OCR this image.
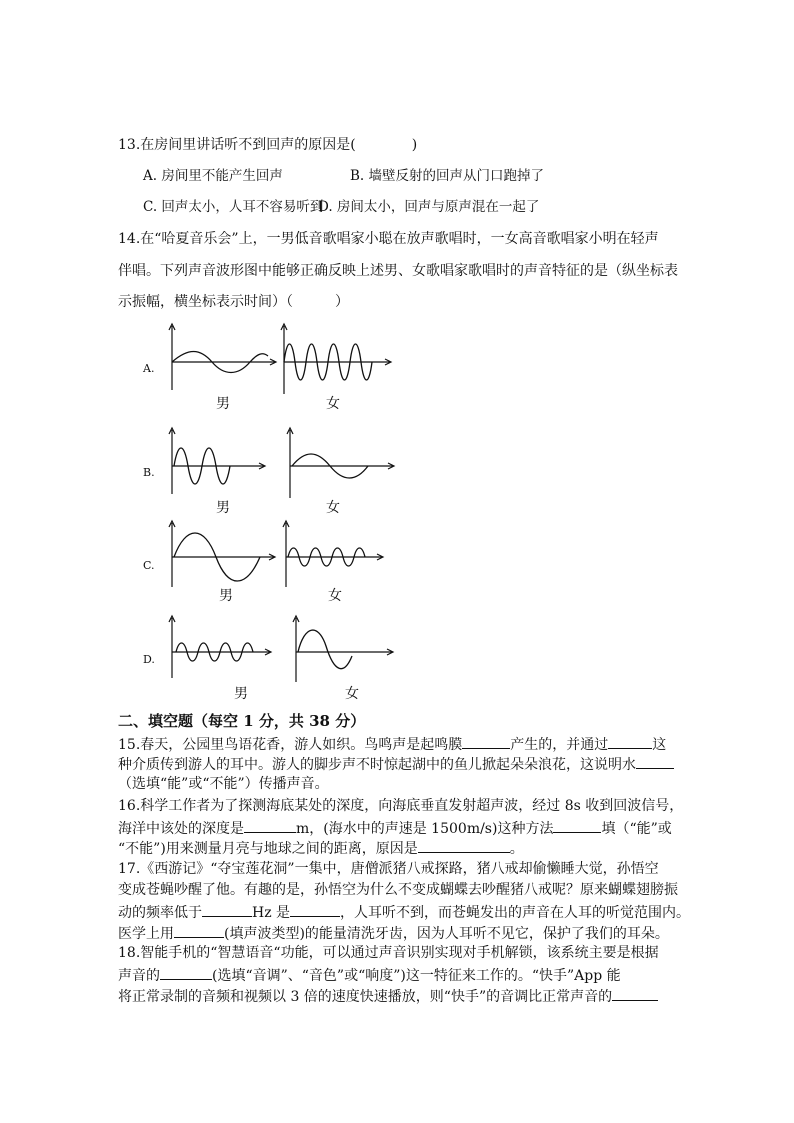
13.在房间里讲话听不到回声的原因是(　　　　)
A. 房间里不能产生回声	B. 墙壁反射的回声从门口跑掉了
C. 回声太小，人耳不容易听到
D. 房间太小，回声与原声混在一起了
14.在“哈夏音乐会”上，一男低音歌唱家小聪在放声歌唱时，一女高音歌唱家小明在轻声
伴唱。下列声音波形图中能够正确反映上述男、女歌唱家歌唱时的声音特征的是（纵坐标表
示振幅，横坐标表示时间）（　　　）
A.
男	女
B.
男	女
C.
男	女
D.
男	女
二、填空题（每空 1 分，共 38 分）
15.春天，公园里鸟语花香，游人如织。鸟鸣声是起鸣膜	产生的，并通过	这
种介质传到游人的耳中。游人的脚步声不时惊起湖中的鱼儿掀起朵朵浪花，这说明水
（选填“能”或“不能”）传播声音。
16.科学工作者为了探测海底某处的深度，向海底垂直发射超声波，经过 8s 收到回波信号，
海洋中该处的深度是	m，(海水中的声速是 1500m/s)这种方法	填（“能”或
“不能”)用来测量月亮与地球之间的距离，原因是	。
17.《西游记》“夺宝莲花洞”一集中，唐僧派猪八戒探路，猪八戒却偷懒睡大觉，孙悟空
变成苍蝇吵醒了他。有趣的是，孙悟空为什么不变成蝴蝶去吵醒猪八戒呢？原来蝴蝶翅膀振
动的频率低于	Hz 是	，人耳听不到，而苍蝇发出的声音在人耳的听觉范围内。
医学上用	(填声波类型)的能量清洗牙齿，因为人耳听不见它，保护了我们的耳朵。
18.智能手机的“智慧语音“功能，可以通过声音识别实现对手机解锁，该系统主要是根据
声音的	(选填“音调”、“音色”或“响度”)这一特征来工作的。“快手”App 能
将正常录制的音频和视频以 3 倍的速度快速播放，则“快手”的音调比正常声音的
